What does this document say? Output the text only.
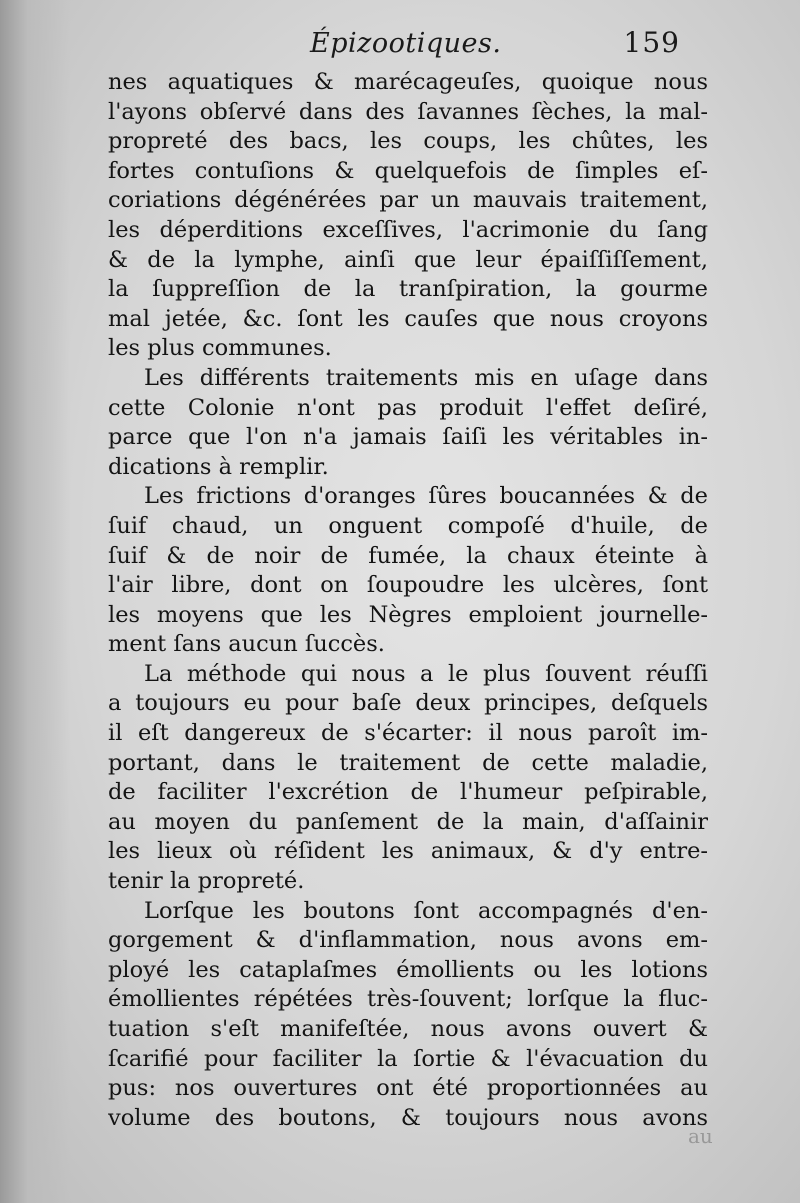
Épizootiques.	159
nes aquatiques & marécageuſes, quoique nous
l'ayons obſervé dans des ſavannes ſèches, la mal-
propreté des bacs, les coups, les chûtes, les
fortes contuſions & quelquefois de ſimples eſ-
coriations dégénérées par un mauvais traitement,
les déperditions exceſſives, l'acrimonie du ſang
& de la lymphe, ainſi que leur épaiſſiſſement,
la ſuppreſſion de la tranſpiration, la gourme
mal jetée, &c. ſont les cauſes que nous croyons
les plus communes.
Les différents traitements mis en uſage dans
cette Colonie n'ont pas produit l'effet deſiré,
parce que l'on n'a jamais ſaiſi les véritables in-
dications à remplir.
Les frictions d'oranges ſûres boucannées & de
ſuif chaud, un onguent compoſé d'huile, de
ſuif & de noir de fumée, la chaux éteinte à
l'air libre, dont on ſoupoudre les ulcères, ſont
les moyens que les Nègres emploient journelle-
ment ſans aucun ſuccès.
La méthode qui nous a le plus ſouvent réuſſi
a toujours eu pour baſe deux principes, deſquels
il eſt dangereux de s'écarter: il nous paroît im-
portant, dans le traitement de cette maladie,
de faciliter l'excrétion de l'humeur peſpirable,
au moyen du panſement de la main, d'aſſainir
les lieux où réſident les animaux, & d'y entre-
tenir la propreté.
Lorſque les boutons ſont accompagnés d'en-
gorgement & d'inflammation, nous avons em-
ployé les cataplaſmes émollients ou les lotions
émollientes répétées très-ſouvent; lorſque la fluc-
tuation s'eſt manifeſtée, nous avons ouvert &
ſcarifié pour faciliter la ſortie & l'évacuation du
pus: nos ouvertures ont été proportionnées au
volume des boutons, & toujours nous avons
au
